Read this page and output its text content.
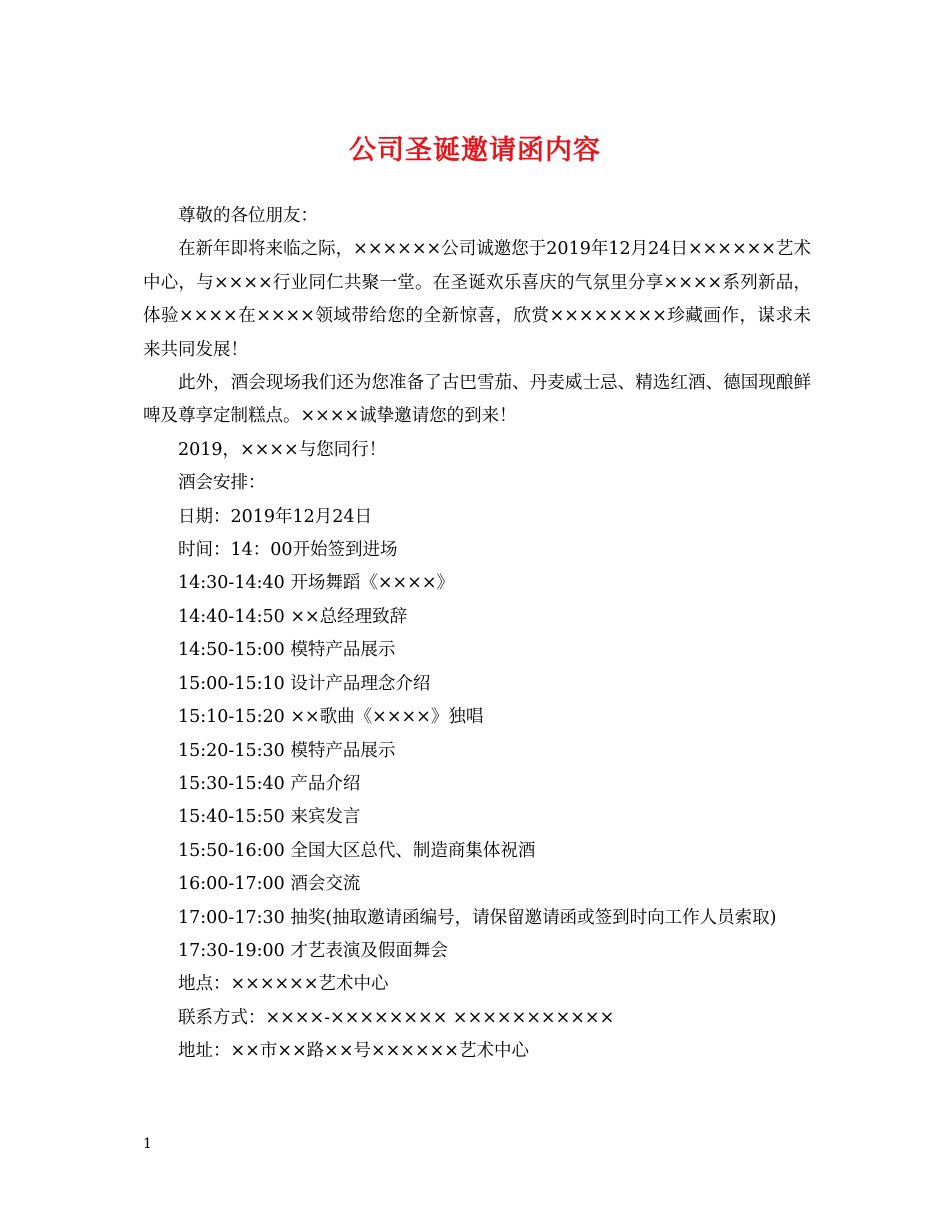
公司圣诞邀请函内容

尊敬的各位朋友：

在新年即将来临之际，××××××公司诚邀您于2019年12月24日××××××艺术中心，与××××行业同仁共聚一堂。在圣诞欢乐喜庆的气氛里分享××××系列新品，体验××××在××××领域带给您的全新惊喜，欣赏××××××××珍藏画作，谋求未来共同发展！

此外，酒会现场我们还为您准备了古巴雪茄、丹麦威士忌、精选红酒、德国现酿鲜啤及尊享定制糕点。××××诚挚邀请您的到来！

2019，××××与您同行！

酒会安排：

日期：2019年12月24日

时间：14：00开始签到进场

14:30-14:40 开场舞蹈《××××》

14:40-14:50 ××总经理致辞

14:50-15:00 模特产品展示

15:00-15:10 设计产品理念介绍

15:10-15:20 ××歌曲《××××》独唱

15:20-15:30 模特产品展示

15:30-15:40 产品介绍

15:40-15:50 来宾发言

15:50-16:00 全国大区总代、制造商集体祝酒

16:00-17:00 酒会交流

17:00-17:30 抽奖(抽取邀请函编号，请保留邀请函或签到时向工作人员索取)

17:30-19:00 才艺表演及假面舞会

地点：××××××艺术中心

联系方式：××××-×××××××× ×××××××××××

地址：××市××路××号××××××艺术中心

1
